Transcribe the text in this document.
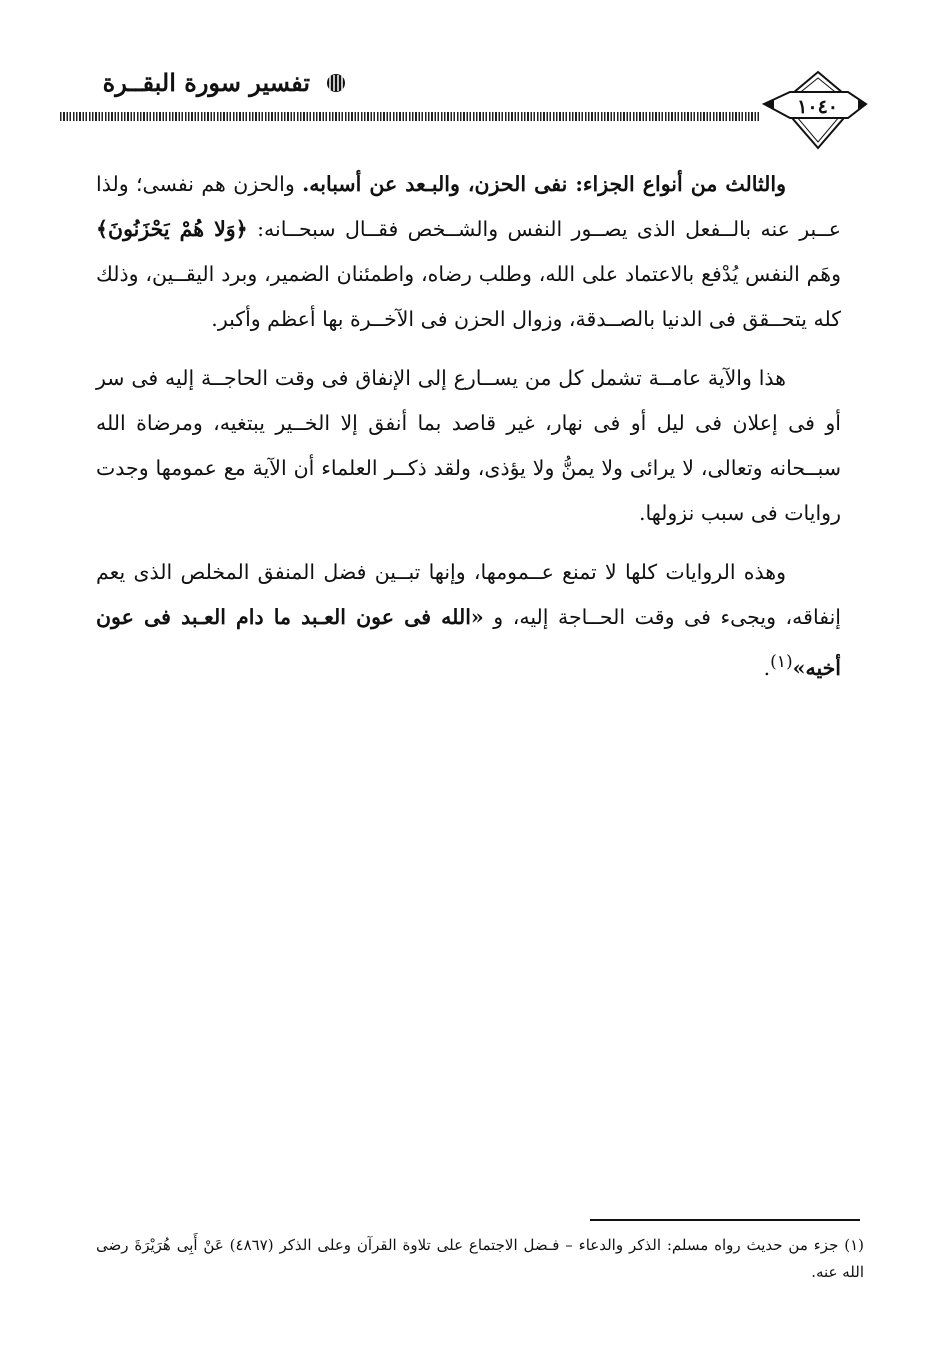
تفسير سورة البقــرة
١٠٤٠

والثالث من أنواع الجزاء: نفى الحزن، والبـعد عن أسبابه. والحزن هم نفسى؛ ولذا عــبر عنه بالــفعل الذى يصــور النفس والشــخص فقــال سبحــانه: ﴿وَلا هُمْ يَحْزَنُونَ﴾ وهَم النفس يُدْفع بالاعتماد على الله، وطلب رضاه، واطمئنان الضمير، وبرد اليقــين، وذلك كله يتحــقق فى الدنيا بالصــدقة، وزوال الحزن فى الآخــرة بها أعظم وأكبر.

هذا والآية عامــة تشمل كل من يســارع إلى الإنفاق فى وقت الحاجــة إليه فى سر أو فى إعلان فى ليل أو فى نهار، غير قاصد بما أنفق إلا الخــير يبتغيه، ومرضاة الله سبــحانه وتعالى، لا يرائى ولا يمنُّ ولا يؤذى، ولقد ذكــر العلماء أن الآية مع عمومها وجدت روايات فى سبب نزولها.

وهذه الروايات كلها لا تمنع عــمومها، وإنها تبــين فضل المنفق المخلص الذى يعم إنفاقه، ويجىء فى وقت الحــاجة إليه، و «الله فى عون العـبد ما دام العـبد فى عون أخيه»$^{(١)}$.

(١) جزء من حديث رواه مسلم: الذكر والدعاء – فـضل الاجتماع على تلاوة القرآن وعلى الذكر (٤٨٦٧) عَنْ أَبِى هُرَيْرَةَ رضى الله عنه.
